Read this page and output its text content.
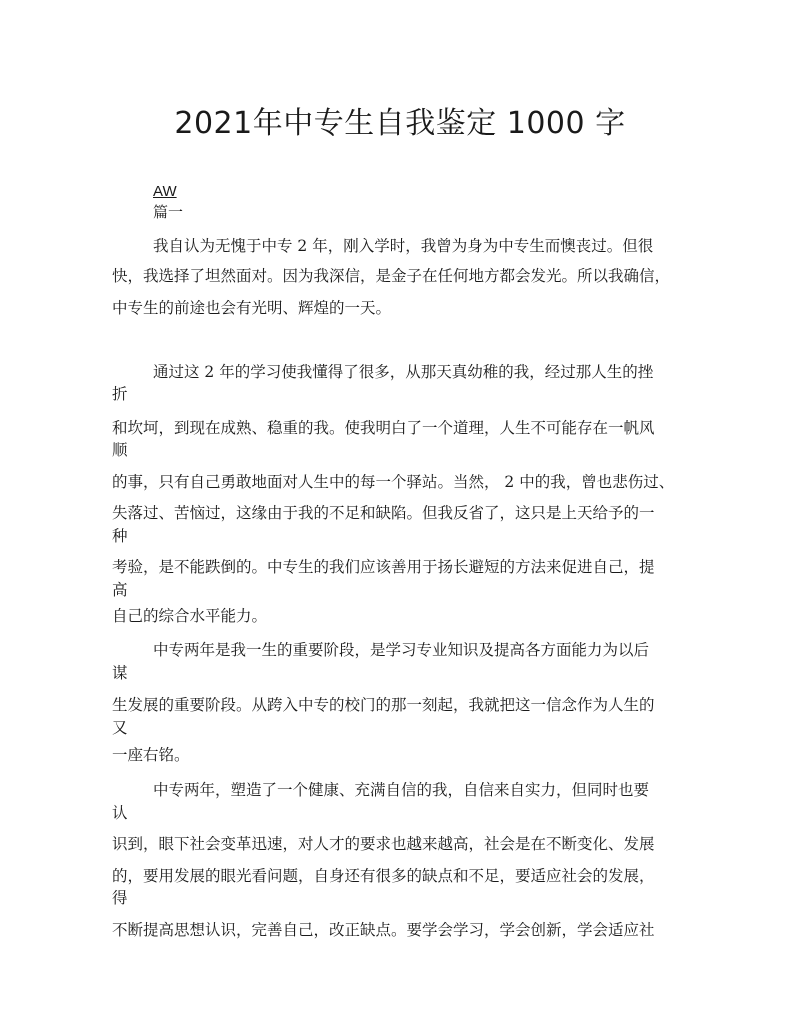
2021年中专生自我鉴定 1000 字
AW
篇一
我自认为无愧于中专 2 年，刚入学时，我曾为身为中专生而懊丧过。但很
快，我选择了坦然面对。因为我深信，是金子在任何地方都会发光。所以我确信，
中专生的前途也会有光明、辉煌的一天。
通过这 2 年的学习使我懂得了很多，从那天真幼稚的我，经过那人生的挫
折
和坎坷，到现在成熟、稳重的我。使我明白了一个道理，人生不可能存在一帆风
顺
的事，只有自己勇敢地面对人生中的每一个驿站。当然， 2 中的我，曾也悲伤过、
失落过、苦恼过，这缘由于我的不足和缺陷。但我反省了，这只是上天给予的一
种
考验，是不能跌倒的。中专生的我们应该善用于扬长避短的方法来促进自己，提
高
自己的综合水平能力。
中专两年是我一生的重要阶段，是学习专业知识及提高各方面能力为以后
谋
生发展的重要阶段。从跨入中专的校门的那一刻起，我就把这一信念作为人生的
又
一座右铭。
中专两年，塑造了一个健康、充满自信的我，自信来自实力，但同时也要
认
识到，眼下社会变革迅速，对人才的要求也越来越高，社会是在不断变化、发展
的，要用发展的眼光看问题，自身还有很多的缺点和不足，要适应社会的发展，
得
不断提高思想认识，完善自己，改正缺点。要学会学习，学会创新，学会适应社
